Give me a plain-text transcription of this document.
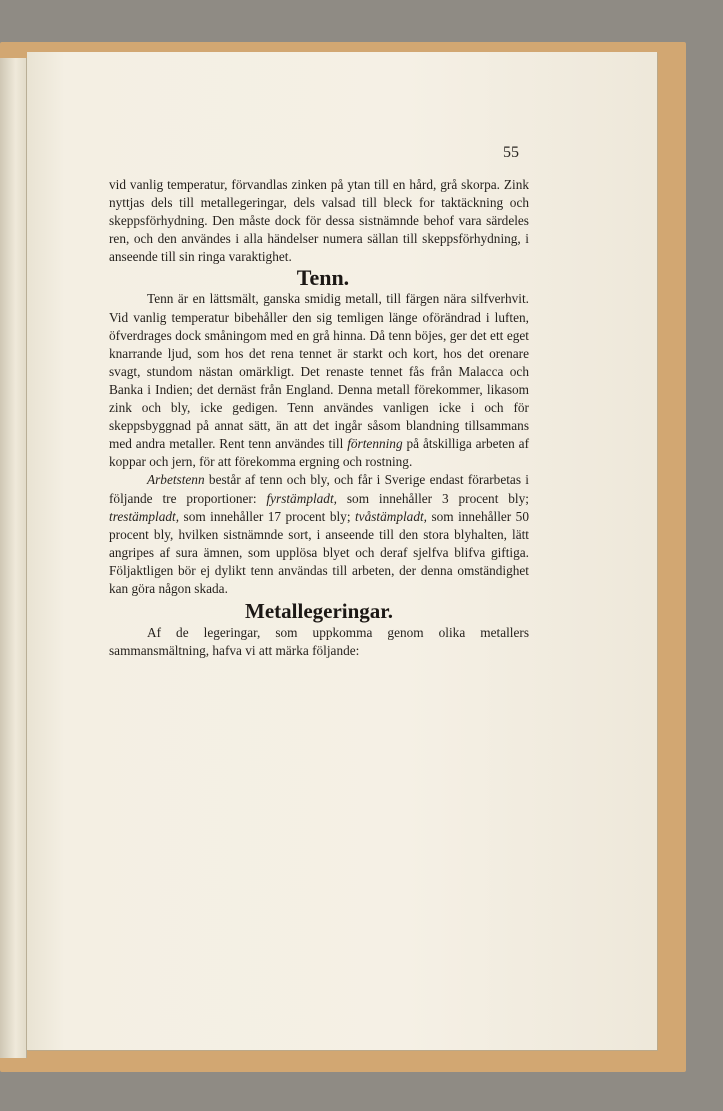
55

vid vanlig temperatur, förvandlas zinken på ytan till en hård, grå skorpa. Zink nyttjas dels till metallegeringar, dels valsad till bleck for taktäckning och skeppsförhydning. Den måste dock för dessa sistnämnde behof vara särdeles ren, och den användes i alla händelser numera sällan till skeppsförhydning, i anseende till sin ringa varaktighet.

Tenn.

Tenn är en lättsmält, ganska smidig metall, till färgen nära silfverhvit. Vid vanlig temperatur bibehåller den sig temligen länge oförändrad i luften, öfverdrages dock småningom med en grå hinna. Då tenn böjes, ger det ett eget knarrande ljud, som hos det rena tennet är starkt och kort, hos det orenare svagt, stundom nästan omärkligt. Det renaste tennet fås från Malacca och Banka i Indien; det dernäst från England. Denna metall förekommer, likasom zink och bly, icke gedigen. Tenn användes vanligen icke i och för skeppsbyggnad på annat sätt, än att det ingår såsom blandning tillsammans med andra metaller. Rent tenn användes till förtenning på åtskilliga arbeten af koppar och jern, för att förekomma ergning och rostning.

Arbetstenn består af tenn och bly, och får i Sverige endast förarbetas i följande tre proportioner: fyrstämpladt, som innehåller 3 procent bly; trestämpladt, som innehåller 17 procent bly; tvåstämpladt, som innehåller 50 procent bly, hvilken sistnämnde sort, i anseende till den stora blyhalten, lätt angripes af sura ämnen, som upplösa blyet och deraf sjelfva blifva giftiga. Följaktligen bör ej dylikt tenn användas till arbeten, der denna omständighet kan göra någon skada.

Metallegeringar.

Af de legeringar, som uppkomma genom olika metallers sammansmältning, hafva vi att märka följande:
